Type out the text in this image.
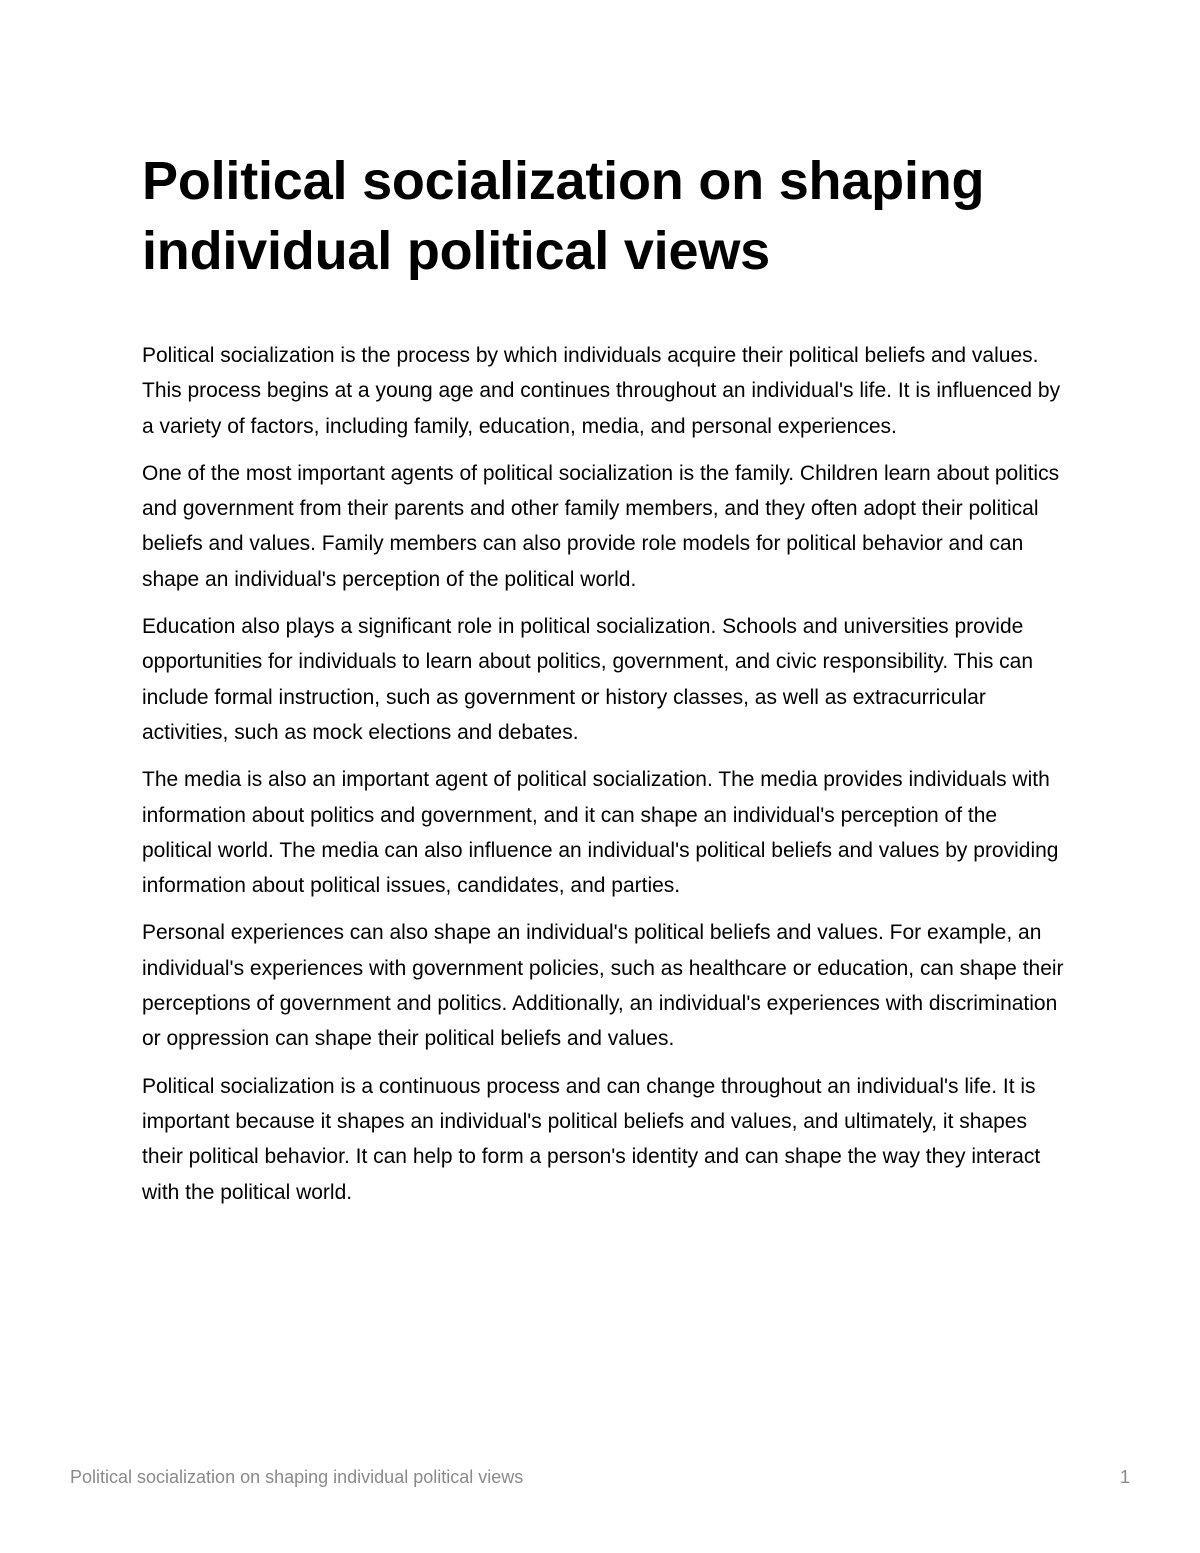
Political socialization on shaping individual political views

Political socialization is the process by which individuals acquire their political beliefs and values. This process begins at a young age and continues throughout an individual's life. It is influenced by a variety of factors, including family, education, media, and personal experiences.

One of the most important agents of political socialization is the family. Children learn about politics and government from their parents and other family members, and they often adopt their political beliefs and values. Family members can also provide role models for political behavior and can shape an individual's perception of the political world.

Education also plays a significant role in political socialization. Schools and universities provide opportunities for individuals to learn about politics, government, and civic responsibility. This can include formal instruction, such as government or history classes, as well as extracurricular activities, such as mock elections and debates.

The media is also an important agent of political socialization. The media provides individuals with information about politics and government, and it can shape an individual's perception of the political world. The media can also influence an individual's political beliefs and values by providing information about political issues, candidates, and parties.

Personal experiences can also shape an individual's political beliefs and values. For example, an individual's experiences with government policies, such as healthcare or education, can shape their perceptions of government and politics. Additionally, an individual's experiences with discrimination or oppression can shape their political beliefs and values.

Political socialization is a continuous process and can change throughout an individual's life. It is important because it shapes an individual's political beliefs and values, and ultimately, it shapes their political behavior. It can help to form a person's identity and can shape the way they interact with the political world.

Political socialization on shaping individual political views	1
